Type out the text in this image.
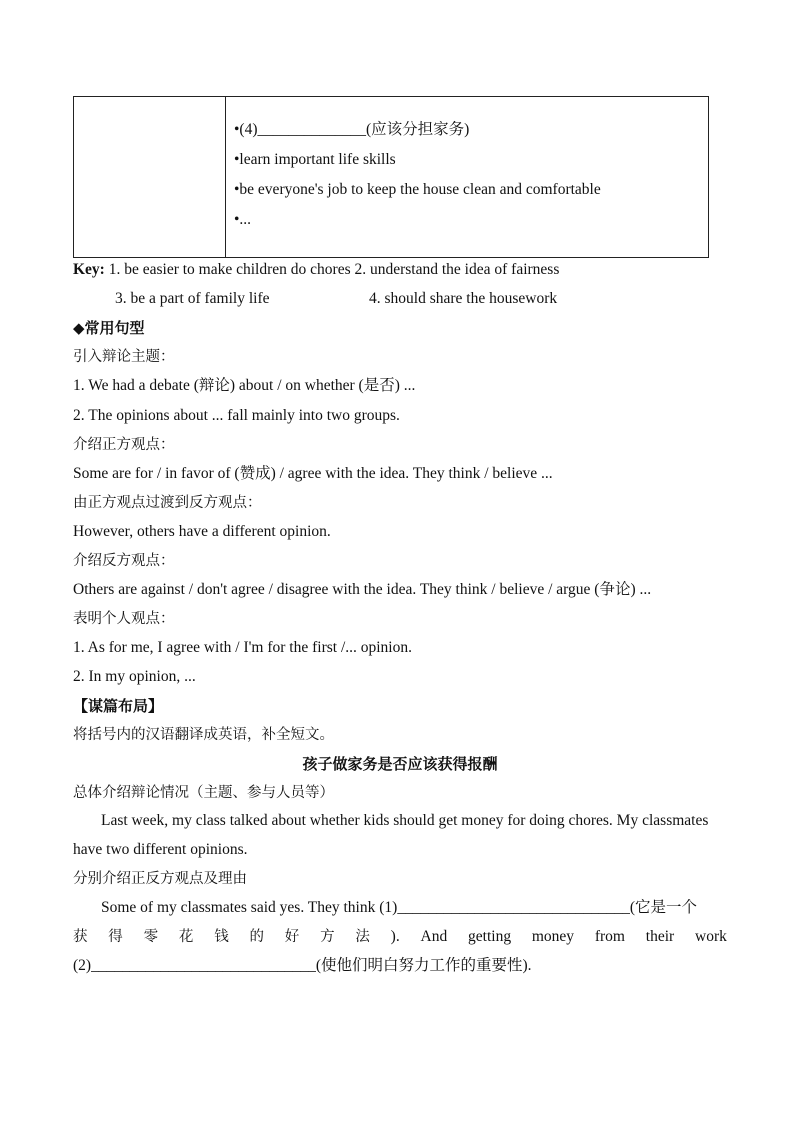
•(4)______________(应该分担家务)
•learn important life skills
•be everyone's job to keep the house clean and comfortable
•...
Key: 1. be easier to make children do chores 2. understand the idea of fairness
3. be a part of family life	4. should share the housework
◆常用句型
引入辩论主题：
1. We had a debate (辩论) about / on whether (是否) ...
2. The opinions about ... fall mainly into two groups.
介绍正方观点：
Some are for / in favor of (赞成) / agree with the idea. They think / believe ...
由正方观点过渡到反方观点：
However, others have a different opinion.
介绍反方观点：
Others are against / don't agree / disagree with the idea. They think / believe / argue (争论) ...
表明个人观点：
1. As for me, I agree with / I'm for the first /... opinion.
2. In my opinion, ...
【谋篇布局】
将括号内的汉语翻译成英语，补全短文。
孩子做家务是否应该获得报酬
总体介绍辩论情况（主题、参与人员等）
Last week, my class talked about whether kids should get money for doing chores. My classmates
have two different opinions.
分别介绍正反方观点及理由
Some of my classmates said yes. They think (1)______________________________(它是一个
获 得 零 花 钱 的 好 方 法 ). And getting money from their work
(2)_____________________________(使他们明白努力工作的重要性).
